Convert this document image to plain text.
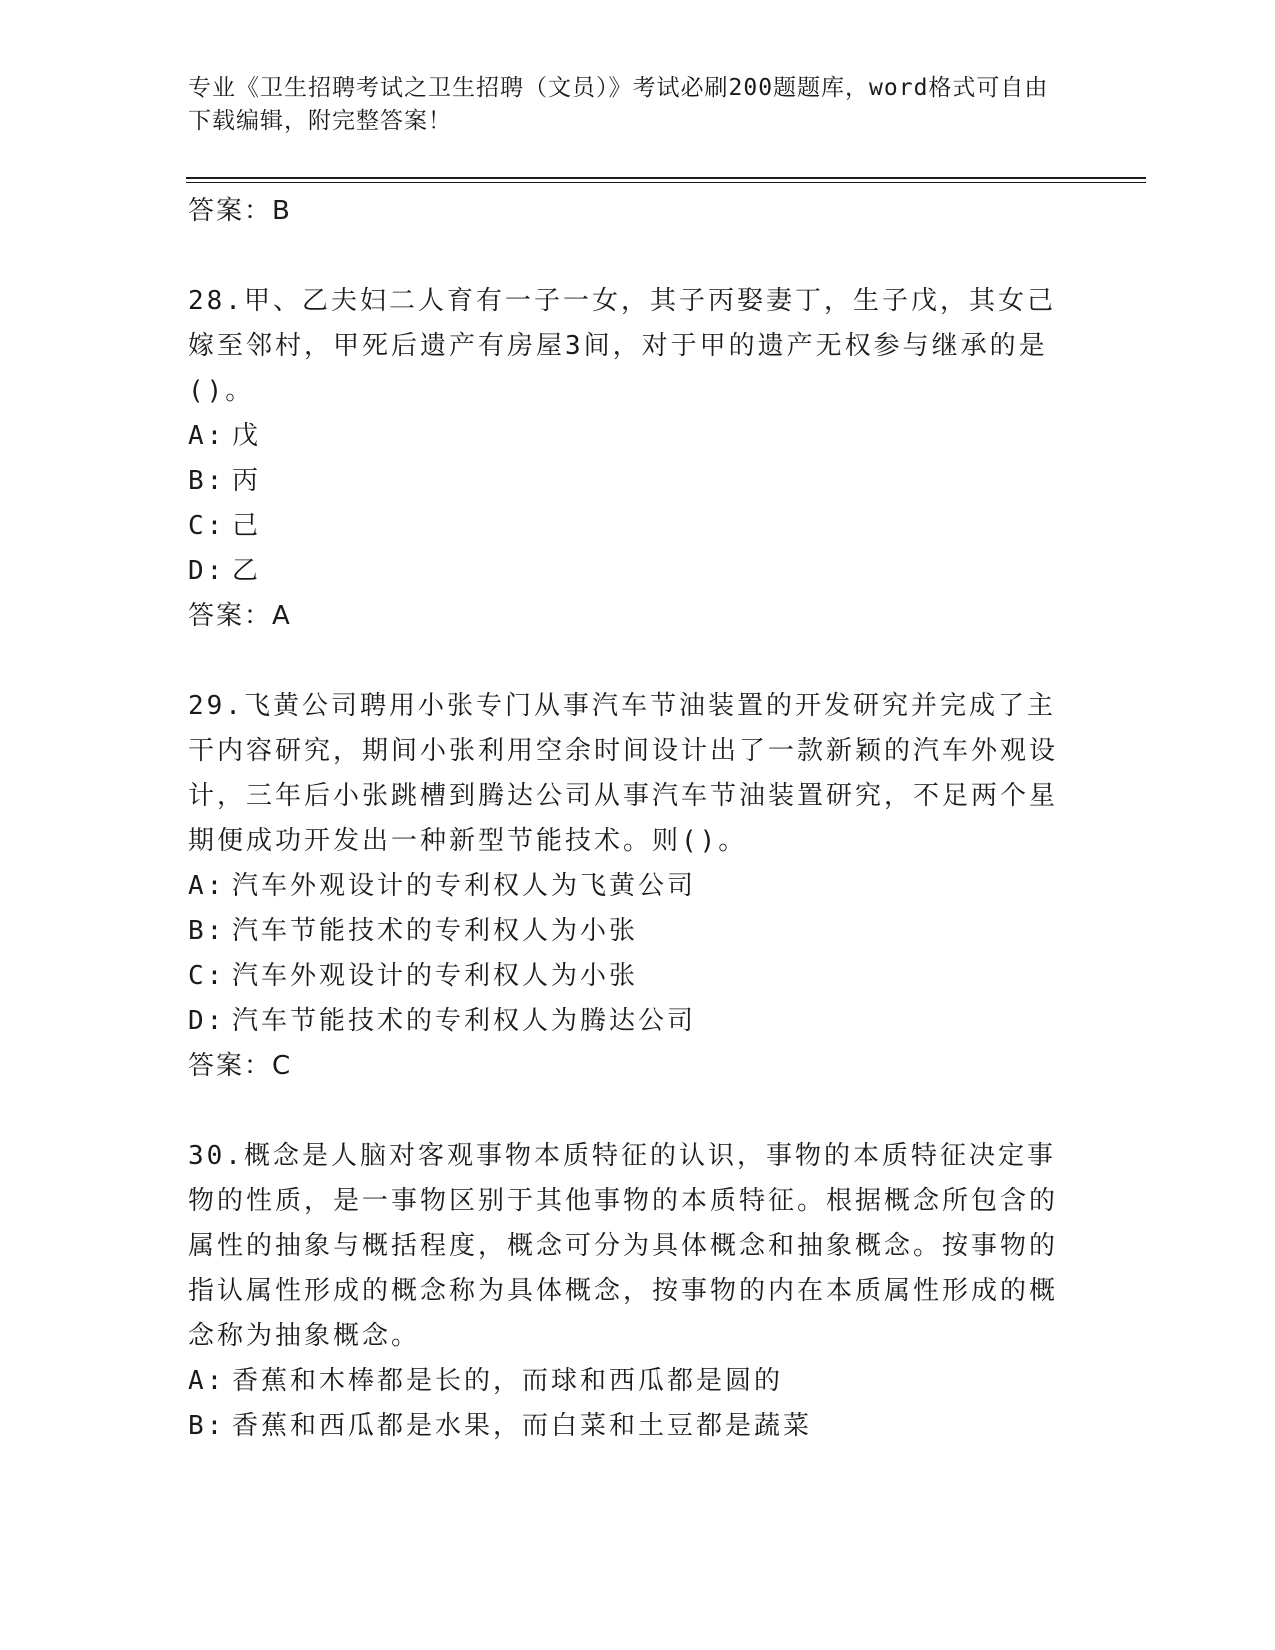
专业《卫生招聘考试之卫生招聘（文员）》考试必刷200题题库，word格式可自由下载编辑，附完整答案！
答案：B

28.甲、乙夫妇二人育有一子一女，其子丙娶妻丁，生子戊，其女己嫁至邻村，甲死后遗产有房屋3间，对于甲的遗产无权参与继承的是()。

A: 戊

B: 丙

C: 己

D: 乙

答案：A

29.飞黄公司聘用小张专门从事汽车节油装置的开发研究并完成了主干内容研究，期间小张利用空余时间设计出了一款新颖的汽车外观设计，三年后小张跳槽到腾达公司从事汽车节油装置研究，不足两个星期便成功开发出一种新型节能技术。则()。

A: 汽车外观设计的专利权人为飞黄公司

B: 汽车节能技术的专利权人为小张

C: 汽车外观设计的专利权人为小张

D: 汽车节能技术的专利权人为腾达公司

答案：C

30.概念是人脑对客观事物本质特征的认识，事物的本质特征决定事物的性质，是一事物区别于其他事物的本质特征。根据概念所包含的属性的抽象与概括程度，概念可分为具体概念和抽象概念。按事物的指认属性形成的概念称为具体概念，按事物的内在本质属性形成的概念称为抽象概念。

A: 香蕉和木棒都是长的，而球和西瓜都是圆的

B: 香蕉和西瓜都是水果，而白菜和土豆都是蔬菜
